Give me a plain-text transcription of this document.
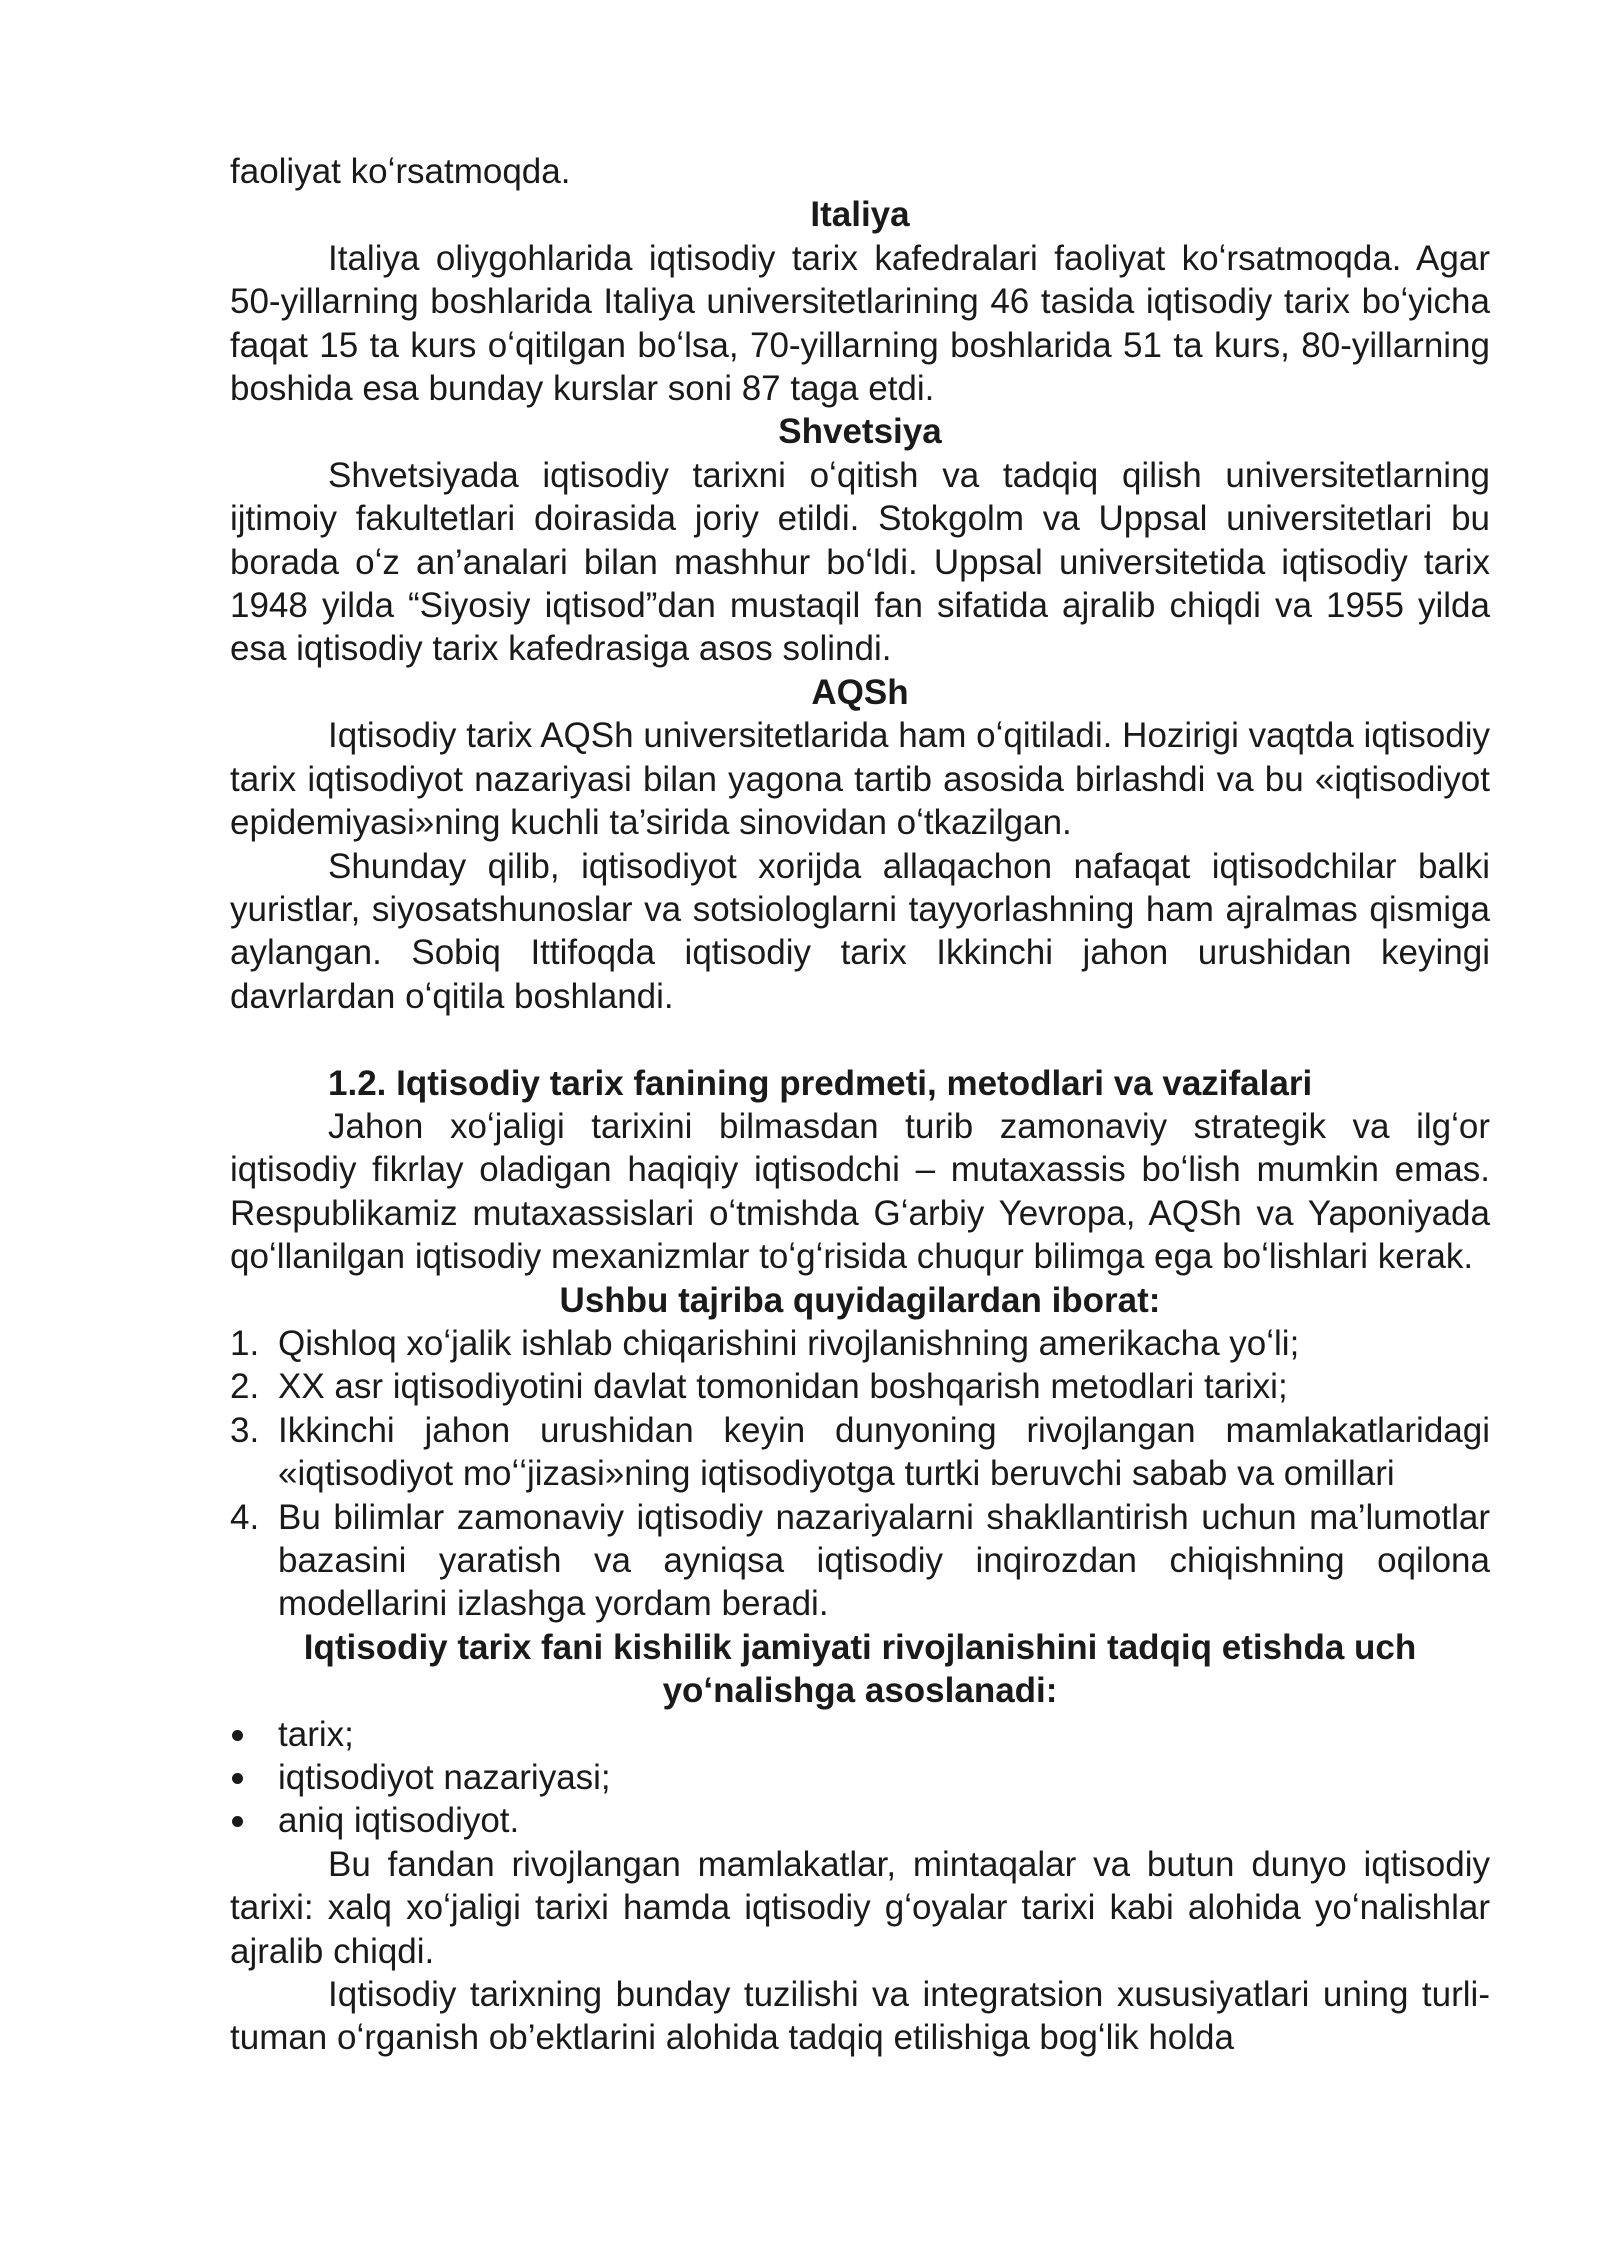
faoliyat koʻrsatmoqda.

Italiya

Italiya oliygohlarida iqtisodiy tarix kafedralari faoliyat koʻrsatmoqda. Agar 50-yillarning boshlarida Italiya universitetlarining 46 tasida iqtisodiy tarix boʻyicha faqat 15 ta kurs oʻqitilgan boʻlsa, 70-yillarning boshlarida 51 ta kurs, 80-yillarning boshida esa bunday kurslar soni 87 taga etdi.

Shvetsiya

Shvetsiyada iqtisodiy tarixni oʻqitish va tadqiq qilish universitetlarning ijtimoiy fakultetlari doirasida joriy etildi. Stokgolm va Uppsal universitetlari bu borada oʻz an’analari bilan mashhur boʻldi. Uppsal universitetida iqtisodiy tarix 1948 yilda “Siyosiy iqtisod”dan mustaqil fan sifatida ajralib chiqdi va 1955 yilda esa iqtisodiy tarix kafedrasiga asos solindi.

AQSh

Iqtisodiy tarix AQSh universitetlarida ham oʻqitiladi. Hozirigi vaqtda iqtisodiy tarix iqtisodiyot nazariyasi bilan yagona tartib asosida birlashdi va bu «iqtisodiyot epidemiyasi»ning kuchli ta’sirida sinovidan oʻtkazilgan.

Shunday qilib, iqtisodiyot xorijda allaqachon nafaqat iqtisodchilar balki yuristlar, siyosatshunoslar va sotsiologlarni tayyorlashning ham ajralmas qismiga aylangan. Sobiq Ittifoqda iqtisodiy tarix Ikkinchi jahon urushidan keyingi davrlardan oʻqitila boshlandi.

1.2. Iqtisodiy tarix fanining predmeti, metodlari va vazifalari

Jahon xoʻjaligi tarixini bilmasdan turib zamonaviy strategik va ilgʻor iqtisodiy fikrlay oladigan haqiqiy iqtisodchi – mutaxassis boʻlish mumkin emas. Respublikamiz mutaxassislari oʻtmishda Gʻarbiy Yevropa, AQSh va Yaponiyada qoʻllanilgan iqtisodiy mexanizmlar toʻgʻrisida chuqur bilimga ega boʻlishlari kerak.

Ushbu tajriba quyidagilardan iborat:
1. Qishloq xoʻjalik ishlab chiqarishini rivojlanishning amerikacha yoʻli;
2. XX asr iqtisodiyotini davlat tomonidan boshqarish metodlari tarixi;
3. Ikkinchi jahon urushidan keyin dunyoning rivojlangan mamlakatlaridagi «iqtisodiyot moʻʻjizasi»ning iqtisodiyotga turtki beruvchi sabab va omillari
4. Bu bilimlar zamonaviy iqtisodiy nazariyalarni shakllantirish uchun ma’lumotlar bazasini yaratish va ayniqsa iqtisodiy inqirozdan chiqishning oqilona modellarini izlashga yordam beradi.
Iqtisodiy tarix fani kishilik jamiyati rivojlanishini tadqiq etishda uch yoʻnalishga asoslanadi:
tarix;
iqtisodiyot nazariyasi;
aniq iqtisodiyot.

Bu fandan rivojlangan mamlakatlar, mintaqalar va butun dunyo iqtisodiy tarixi: xalq xoʻjaligi tarixi hamda iqtisodiy gʻoyalar tarixi kabi alohida yoʻnalishlar ajralib chiqdi.

Iqtisodiy tarixning bunday tuzilishi va integratsion xususiyatlari uning turli-tuman oʻrganish ob’ektlarini alohida tadqiq etilishiga bogʻlik holda
